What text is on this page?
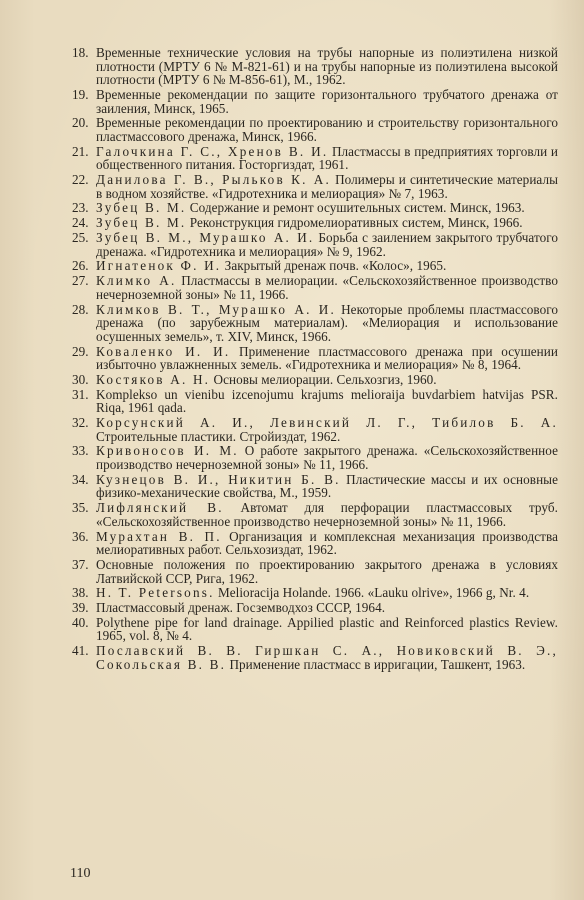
18. Временные технические условия на трубы напорные из полиэтилена низкой плотности (МРТУ 6 № М-821-61) и на трубы напорные из полиэтилена высокой плотности (МРТУ 6 № М-856-61), М., 1962.
19. Временные рекомендации по защите горизонтального трубчатого дренажа от заиления, Минск, 1965.
20. Временные рекомендации по проектированию и строительству горизонтального пластмассового дренажа, Минск, 1966.
21. Галочкина Г. С., Хренов В. И. Пластмассы в предприятиях торговли и общественного питания. Госторгиздат, 1961.
22. Данилова Г. В., Рыльков К. А. Полимеры и синтетические материалы в водном хозяйстве. «Гидротехника и мелиорация» № 7, 1963.
23. Зубец В. М. Содержание и ремонт осушительных систем. Минск, 1963.
24. Зубец В. М. Реконструкция гидромелиоративных систем, Минск, 1966.
25. Зубец В. М., Мурашко А. И. Борьба с заилением закрытого трубчатого дренажа. «Гидротехника и мелиорация» № 9, 1962.
26. Игнатенок Ф. И. Закрытый дренаж почв. «Колос», 1965.
27. Климко А. Пластмассы в мелиорации. «Сельскохозяйственное производство нечерноземной зоны» № 11, 1966.
28. Климков В. Т., Мурашко А. И. Некоторые проблемы пластмассового дренажа (по зарубежным материалам). «Мелиорация и использование осушенных земель», т. XIV, Минск, 1966.
29. Коваленко И. И. Применение пластмассового дренажа при осушении избыточно увлажненных земель. «Гидротехника и мелиорация» № 8, 1964.
30. Костяков А. Н. Основы мелиорации. Сельхозгиз, 1960.
31. Komplekso un vienibu izcenojumu krajums melioraija buvdarbiem hatvijas PSR. Riqa, 1961 qada.
32. Корсунский А. И., Левинский Л. Г., Тибилов Б. А. Строительные пластики. Стройиздат, 1962.
33. Кривоносов И. М. О работе закрытого дренажа. «Сельскохозяйственное производство нечерноземной зоны» № 11, 1966.
34. Кузнецов В. И., Никитин Б. В. Пластические массы и их основные физико-механические свойства, М., 1959.
35. Лифлянский В. Автомат для перфорации пластмассовых труб. «Сельскохозяйственное производство нечерноземной зоны» № 11, 1966.
36. Мурахтан В. П. Организация и комплексная механизация производства мелиоративных работ. Сельхозиздат, 1962.
37. Основные положения по проектированию закрытого дренажа в условиях Латвийской ССР, Рига, 1962.
38. H. T. Petersons. Melioracija Holande. 1966. «Lauku olrive», 1966 g, Nr. 4.
39. Пластмассовый дренаж. Госземводхоз СССР, 1964.
40. Polythene pipe for land drainage. Appilied plastic and Reinforced plastics Review. 1965, vol. 8, № 4.
41. Пославский В. В. Гиршкан С. А., Новиковский В. Э., Сокольская В. В. Применение пластмасс в ирригации, Ташкент, 1963.
110
